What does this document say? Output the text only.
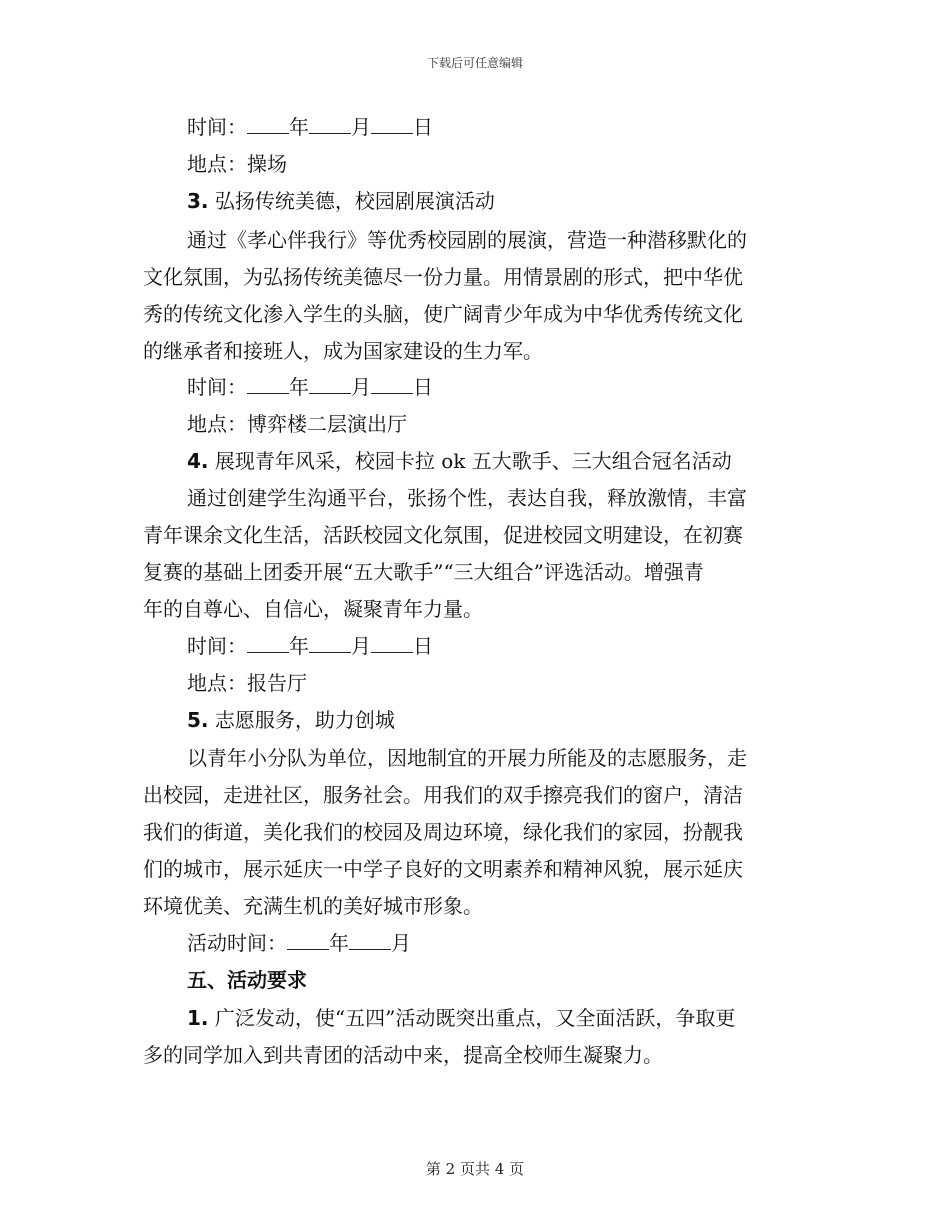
下载后可任意编辑
时间： 年 月 日
地点：操场
3. 弘扬传统美德，校园剧展演活动
通过《孝心伴我行》等优秀校园剧的展演，营造一种潜移默化的
文化氛围，为弘扬传统美德尽一份力量。用情景剧的形式，把中华优
秀的传统文化渗入学生的头脑，使广阔青少年成为中华优秀传统文化
的继承者和接班人，成为国家建设的生力军。
时间： 年 月 日
地点：博弈楼二层演出厅
4. 展现青年风采，校园卡拉 ok 五大歌手、三大组合冠名活动
通过创建学生沟通平台，张扬个性，表达自我，释放激情，丰富
青年课余文化生活，活跃校园文化氛围，促进校园文明建设，在初赛
复赛的基础上团委开展“五大歌手”“三大组合”评选活动。增强青
年的自尊心、自信心，凝聚青年力量。
时间： 年 月 日
地点：报告厅
5. 志愿服务，助力创城
以青年小分队为单位，因地制宜的开展力所能及的志愿服务，走
出校园，走进社区，服务社会。用我们的双手擦亮我们的窗户，清洁
我们的街道，美化我们的校园及周边环境，绿化我们的家园，扮靓我
们的城市，展示延庆一中学子良好的文明素养和精神风貌，展示延庆
环境优美、充满生机的美好城市形象。
活动时间： 年 月
五、活动要求
1. 广泛发动，使“五四”活动既突出重点，又全面活跃，争取更
多的同学加入到共青团的活动中来，提高全校师生凝聚力。
第 2 页共 4 页
